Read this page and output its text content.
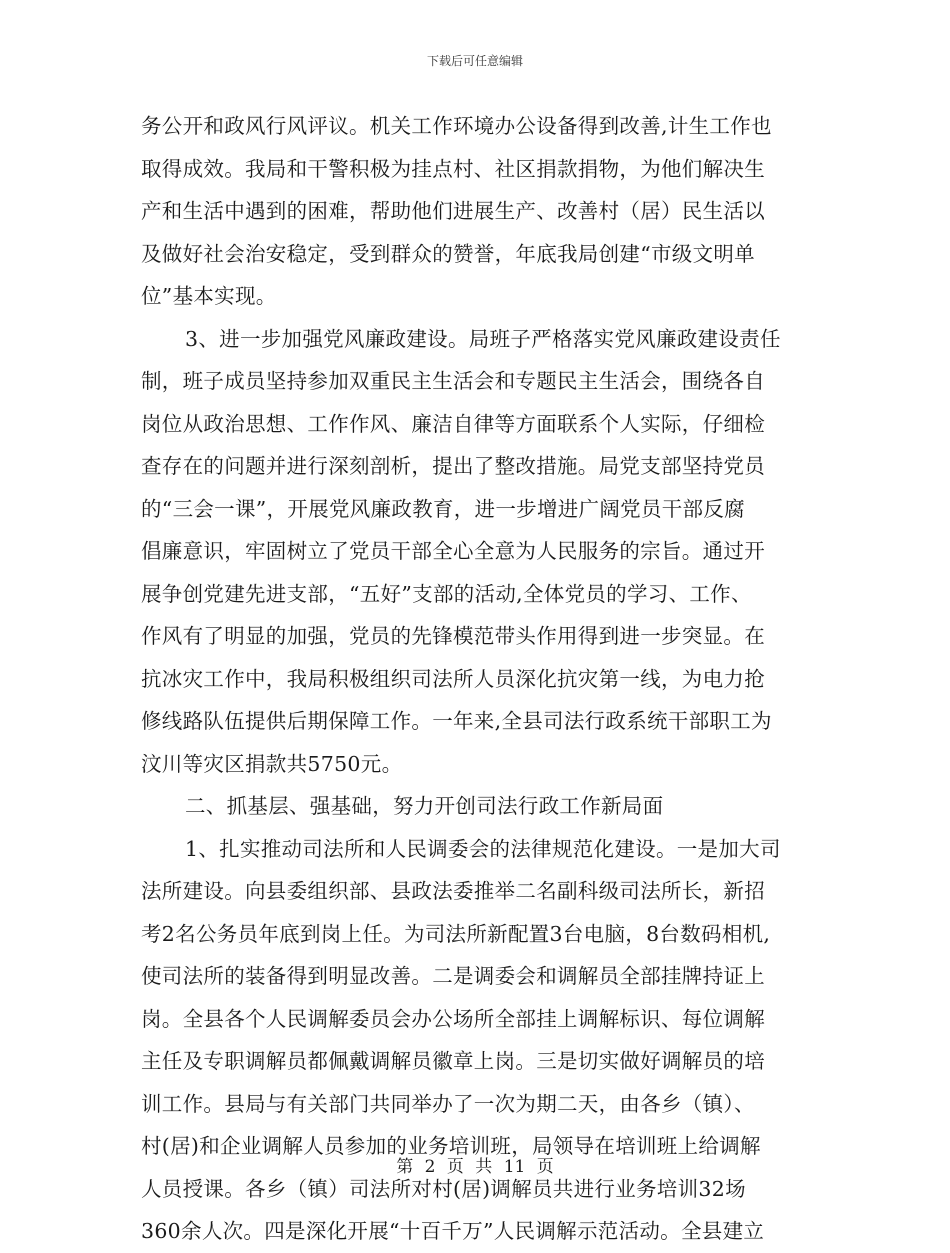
下载后可任意编辑
务公开和政风行风评议。机关工作环境办公设备得到改善,计生工作也
取得成效。我局和干警积极为挂点村、社区捐款捐物，为他们解决生
产和生活中遇到的困难，帮助他们进展生产、改善村（居）民生活以
及做好社会治安稳定，受到群众的赞誉，年底我局创建“市级文明单
位”基本实现。
3、进一步加强党风廉政建设。局班子严格落实党风廉政建设责任
制，班子成员坚持参加双重民主生活会和专题民主生活会，围绕各自
岗位从政治思想、工作作风、廉洁自律等方面联系个人实际，仔细检
查存在的问题并进行深刻剖析，提出了整改措施。局党支部坚持党员
的“三会一课”，开展党风廉政教育，进一步增进广阔党员干部反腐
倡廉意识，牢固树立了党员干部全心全意为人民服务的宗旨。通过开
展争创党建先进支部，“五好”支部的活动,全体党员的学习、工作、
作风有了明显的加强，党员的先锋模范带头作用得到进一步突显。在
抗冰灾工作中，我局积极组织司法所人员深化抗灾第一线，为电力抢
修线路队伍提供后期保障工作。一年来,全县司法行政系统干部职工为
汶川等灾区捐款共5750元。
二、抓基层、强基础，努力开创司法行政工作新局面
1、扎实推动司法所和人民调委会的法律规范化建设。一是加大司
法所建设。向县委组织部、县政法委推举二名副科级司法所长，新招
考2名公务员年底到岗上任。为司法所新配置3台电脑，8台数码相机,
使司法所的装备得到明显改善。二是调委会和调解员全部挂牌持证上
岗。全县各个人民调解委员会办公场所全部挂上调解标识、每位调解
主任及专职调解员都佩戴调解员徽章上岗。三是切实做好调解员的培
训工作。县局与有关部门共同举办了一次为期二天，由各乡（镇）、
村(居)和企业调解人员参加的业务培训班，局领导在培训班上给调解
人员授课。各乡（镇）司法所对村(居)调解员共进行业务培训32场
360余人次。四是深化开展“十百千万”人民调解示范活动。全县建立
第 2 页 共 11 页
